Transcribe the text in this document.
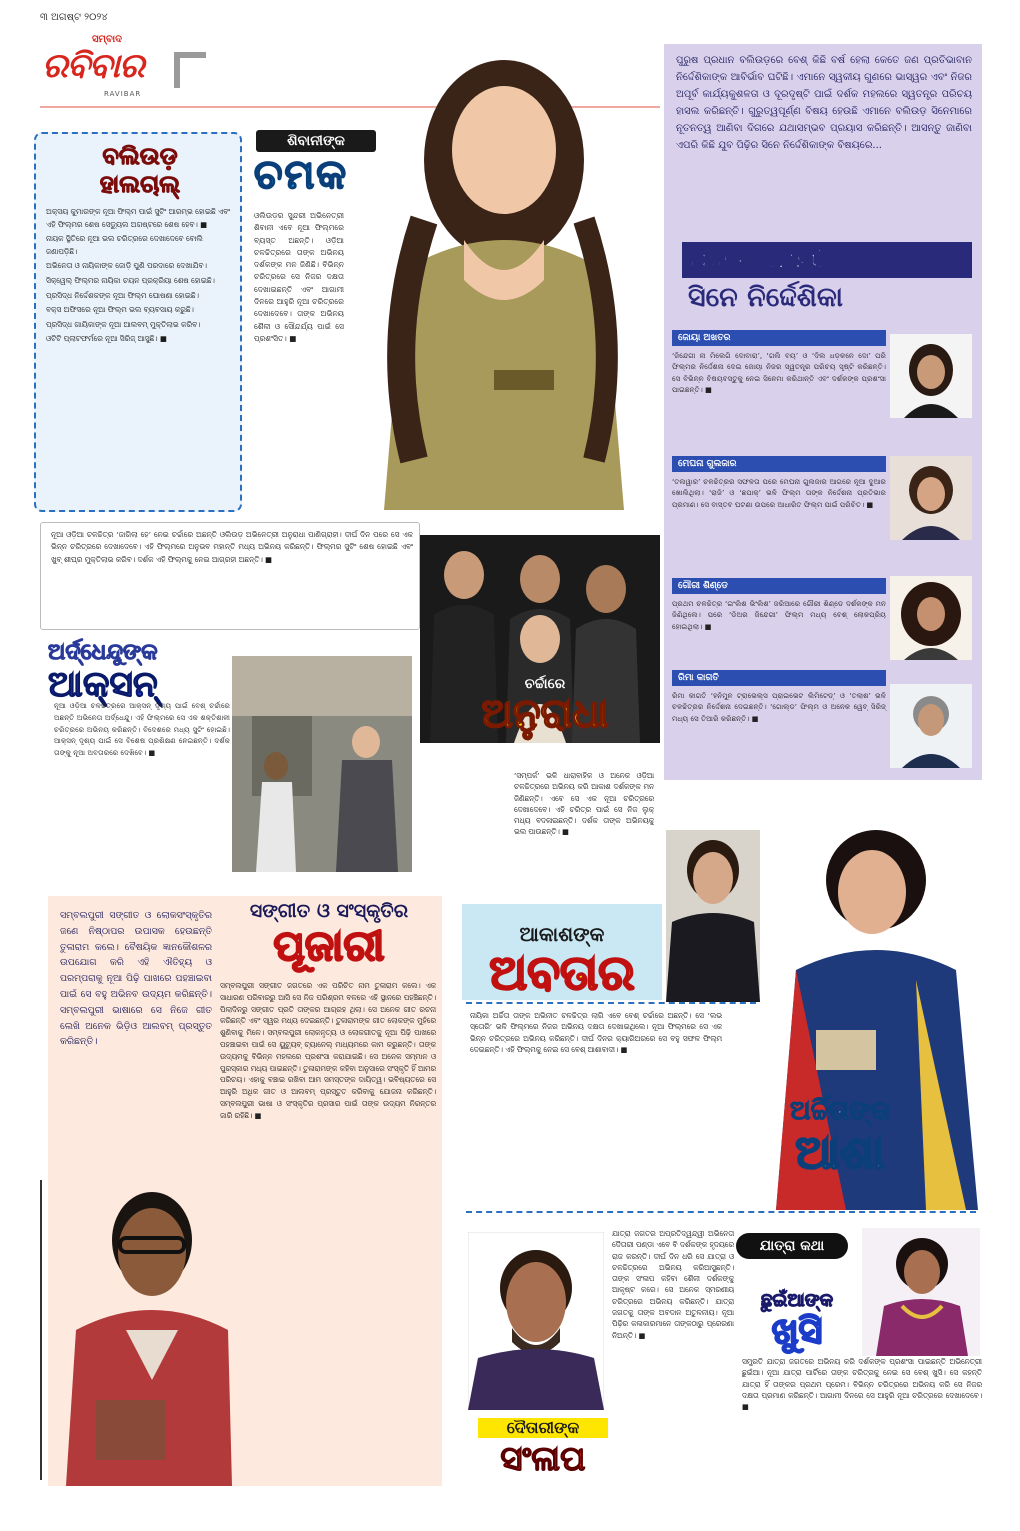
୩ ଅଗଷ୍ଟ ୨୦୨୪
ସମ୍ବାଦ
ରବିବାର
RAVIBAR
ବଲିଉଡ଼
ହାଲଚାଲ୍

ଅକ୍ସୟ କୁମାରଙ୍କ ନୂଆ ଫିଲ୍ମ ପାଇଁ ସୁଟିଂ ଆରମ୍ଭ ହୋଇଛି ଏବଂ ଏହି ଫିଲ୍ମର ଶେଷ ସେଡ୍ୟୁଲ ଅଗଷ୍ଟରେ ଶେଷ ହେବ। ■

ନାୟକ ସ୍ଥିତିରେ ନୂଆ ଭଲ ଚରିତ୍ରରେ ଦେଖାଦେବେ ବୋଲି ଜଣାପଡ଼ିଛି।

ଅଭିନେତା ଓ ନାୟିକାଙ୍କ ଜୋଡ଼ି ପୁଣି ପରଦାରେ ଦେଖାଯିବ।

ସିକ୍ୱେଲ୍ ଫିଲ୍ମର ନାୟିକା ଚୟନ ପ୍ରକ୍ରିୟା ଶେଷ ହୋଇଛି।

ପ୍ରସିଦ୍ଧ ନିର୍ଦ୍ଦେଶକଙ୍କ ନୂଆ ଫିଲ୍ମ ଘୋଷଣା ହୋଇଛି।

ବକ୍ସ ଅଫିସରେ ନୂଆ ଫିଲ୍ମ ଭଲ ବ୍ୟବସାୟ କରୁଛି।

ପ୍ରସିଦ୍ଧ ଗାୟିକାଙ୍କ ନୂଆ ଆଲବମ୍ ମୁକ୍ତିଲାଭ କରିବ।

ଓଟିଟି ପ୍ଲାଟଫର୍ମରେ ନୂଆ ସିରିଜ୍ ଆସୁଛି। ■

ଶିବାନୀଙ୍କ
ଚମକ
ଓଲିଉଡ଼ର ସୁନ୍ଦରୀ ଅଭିନେତ୍ରୀ ଶିବାନୀ ଏବେ ନୂଆ ଫିଲ୍ମରେ ବ୍ୟସ୍ତ ଅଛନ୍ତି। ଓଡ଼ିଆ ଚଳଚ୍ଚିତ୍ରରେ ତାଙ୍କ ଅଭିନୟ ଦର୍ଶକଙ୍କ ମନ ଜିଣିଛି। ବିଭିନ୍ନ ଚରିତ୍ରରେ ସେ ନିଜର ଦକ୍ଷତା ଦେଖାଇଛନ୍ତି ଏବଂ ଆଗାମୀ ଦିନରେ ଆହୁରି ନୂଆ ଚରିତ୍ରରେ ଦେଖାଦେବେ। ତାଙ୍କ ଅଭିନୟ ଶୈଳୀ ଓ ସୌନ୍ଦର୍ଯ୍ୟ ପାଇଁ ସେ ପ୍ରଶଂସିତ। ■
ପୁରୁଷ ପ୍ରଧାନ ବଲିଉଡ଼ରେ ବେଶ୍ କିଛି ବର୍ଷ ହେଲା କେତେ ଜଣ ପ୍ରତିଭାବାନ ନିର୍ଦ୍ଦେଶିକାଙ୍କ ଆବିର୍ଭାବ ଘଟିଛି। ଏମାନେ ସ୍ୱକୀୟ ଗୁଣରେ ଭାସ୍ୱର ଏବଂ ନିଜର ଅପୂର୍ବ କାର୍ଯ୍ୟକୁଶଳତା ଓ ଦୂରଦୃଷ୍ଟି ପାଇଁ ଦର୍ଶକ ମହଲରେ ସ୍ୱତନ୍ତ୍ର ପରିଚୟ ହାସଲ କରିଛନ୍ତି। ଗୁରୁତ୍ୱପୂର୍ଣ୍ଣ ବିଷୟ ହେଉଛି ଏମାନେ ବଲିଉଡ଼ ସିନେମାରେ ନୂତନତ୍ୱ ଆଣିବା ଦିଗରେ ଯଥାସମ୍ଭବ ପ୍ରୟାସ କରିଛନ୍ତି। ଆସନ୍ତୁ ଜାଣିବା ଏପରି କିଛି ଯୁବ ପିଢ଼ିର ସିନେ ନିର୍ଦ୍ଦେଶିକାଙ୍କ ବିଷୟରେ...
ପ୍ରତିଭାମୟୀ
ସିନେ ନିର୍ଦ୍ଦେଶିକା
ଜୋୟା ଅଖତର
‘ଜିନ୍ଦେଗୀ ନା ମିଲେଗି ଦୋବାରା’, ‘ଗଲି ବୟ’ ଓ ‘ଦିଲ ଧଡ଼କନେ ଦୋ’ ପରି ଫିଲ୍ମର ନିର୍ଦ୍ଦେଶନା ଦେଇ ଜୋୟା ନିଜର ସ୍ୱତନ୍ତ୍ର ପରିଚୟ ସୃଷ୍ଟି କରିଛନ୍ତି। ସେ ବିଭିନ୍ନ ବିଷୟବସ୍ତୁକୁ ନେଇ ସିନେମା କରିଥାନ୍ତି ଏବଂ ଦର୍ଶକଙ୍କ ପ୍ରଶଂସା ପାଇଛନ୍ତି। ■
ମେଘନା ଗୁଲଜାର
‘ତଲୱାର’ ଚଳଚ୍ଚିତ୍ରର ସଫଳତା ପରେ ମେଘନା ଗୁଲଜାର ଆଗରେ ନୂଆ ଦୁଆର ଖୋଲିଥିଲା। ‘ରାଜି’ ଓ ‘ଛପାକ୍’ ଭଳି ଫିଲ୍ମ ତାଙ୍କ ନିର୍ଦ୍ଦେଶନା ପ୍ରତିଭାର ପ୍ରମାଣ। ସେ ବାସ୍ତବ ଘଟଣା ଉପରେ ଆଧାରିତ ଫିଲ୍ମ ପାଇଁ ପରିଚିତ। ■
ଗୌରୀ ଶିଣ୍ଡେ
ପ୍ରଥମ ଚଳଚ୍ଚିତ୍ର ‘ଇଂଲିଶ ଭିଂଲିଶ’ ଜରିଆରେ ଗୌରୀ ଶିଣ୍ଡେ ଦର୍ଶକଙ୍କ ମନ ଜିଣିଥିଲେ। ପରେ ‘ଡିଅର ଜିନ୍ଦେଗୀ’ ଫିଲ୍ମ ମଧ୍ୟ ବେଶ୍ ଲୋକପ୍ରିୟ ହୋଇଥିଲା। ■
ରିମା କାଗତି
ରିମା କାଗତି ‘ହନିମୁନ ଟ୍ରାଭେଲ୍ସ ପ୍ରାଇଭେଟ ଲିମିଟେଡ୍’ ଓ ‘ତଲାଶ’ ଭଳି ଚଳଚ୍ଚିତ୍ରର ନିର୍ଦ୍ଦେଶନା ଦେଇଛନ୍ତି। ‘ଗୋଲ୍ଡ’ ଫିଲ୍ମ ଓ ଅନେକ ୱେବ୍ ସିରିଜ୍ ମଧ୍ୟ ସେ ତିଆରି କରିଛନ୍ତି। ■
ନୂଆ ଓଡ଼ିଆ ଚଳଚ୍ଚିତ୍ର ‘ଜାଗିଲା ହେ’ ନେଇ ଚର୍ଚ୍ଚାରେ ଅଛନ୍ତି ଓଲିଉଡ଼ ଅଭିନେତ୍ରୀ ଅନୁରାଧା ପାଣିଗ୍ରାହୀ। ଦୀର୍ଘ ଦିନ ପରେ ସେ ଏକ ଭିନ୍ନ ଚରିତ୍ରରେ ଦେଖାଦେବେ। ଏହି ଫିଲ୍ମରେ ଅନୁଭବ ମହାନ୍ତି ମଧ୍ୟ ଅଭିନୟ କରିଛନ୍ତି। ଫିଲ୍ମର ସୁଟିଂ ଶେଷ ହୋଇଛି ଏବଂ ଖୁବ୍ ଶୀଘ୍ର ମୁକ୍ତିଲାଭ କରିବ। ଦର୍ଶକ ଏହି ଫିଲ୍ମକୁ ନେଇ ଆଗ୍ରହୀ ଅଛନ୍ତି। ■
ଚର୍ଚ୍ଚାରେ
ଅନୁରାଧା
ଅର୍ଦ୍ଧେନ୍ଦୁଙ୍କ
ଆକ୍ସନ୍
ନୂଆ ଓଡ଼ିଆ ଚଳଚ୍ଚିତ୍ରରେ ଆକ୍ସନ୍ ଦୃଶ୍ୟ ପାଇଁ ବେଶ୍ ଚର୍ଚ୍ଚାରେ ଅଛନ୍ତି ଅଭିନେତା ଅର୍ଦ୍ଧେନ୍ଦୁ। ଏହି ଫିଲ୍ମରେ ସେ ଏକ ଶକ୍ତିଶାଳୀ ଚରିତ୍ରରେ ଅଭିନୟ କରିଛନ୍ତି। ବିଦେଶରେ ମଧ୍ୟ ସୁଟିଂ ହୋଇଛି। ଆକ୍ସନ୍ ଦୃଶ୍ୟ ପାଇଁ ସେ ବିଶେଷ ପ୍ରଶିକ୍ଷଣ ନେଇଛନ୍ତି। ଦର୍ଶକ ତାଙ୍କୁ ନୂଆ ଅବତାରରେ ଦେଖିବେ। ■
‘ସମ୍ପର୍କ’ ଭଳି ଧାରାବାହିକ ଓ ଅନେକ ଓଡ଼ିଆ ଚଳଚ୍ଚିତ୍ରରେ ଅଭିନୟ କରି ଆକାଶ ଦର୍ଶକଙ୍କ ମନ ଜିଣିଛନ୍ତି। ଏବେ ସେ ଏକ ନୂଆ ଚରିତ୍ରରେ ଦେଖାଦେବେ। ଏହି ଚରିତ୍ର ପାଇଁ ସେ ନିଜ ଲୁକ୍ ମଧ୍ୟ ବଦଳାଇଛନ୍ତି। ଦର୍ଶକ ତାଙ୍କ ଅଭିନୟକୁ ଭଲ ପାଉଛନ୍ତି। ■
ଆକାଶଙ୍କ
ଅବତାର
ଅର୍ଚ୍ଚିତାଙ୍କ
ଆଶା
ନାୟିକା ଅର୍ଚ୍ଚିତା ତାଙ୍କ ଅଭିନୀତ ଚଳଚ୍ଚିତ୍ର ଲାଗି ଏବେ ବେଶ୍ ଚର୍ଚ୍ଚାରେ ଅଛନ୍ତି। ସେ ‘ଲଭ ସ୍ତୋରି’ ଭଳି ଫିଲ୍ମରେ ନିଜର ଅଭିନୟ ଦକ୍ଷତା ଦେଖାଇଥିଲେ। ନୂଆ ଫିଲ୍ମରେ ସେ ଏକ ଭିନ୍ନ ଚରିତ୍ରରେ ଅଭିନୟ କରିଛନ୍ତି। ଦୀର୍ଘ ଦିନର କ୍ୟାରିଅରରେ ସେ ବହୁ ସଫଳ ଫିଲ୍ମ ଦେଇଛନ୍ତି। ଏହି ଫିଲ୍ମକୁ ନେଇ ସେ ବେଶ୍ ଆଶାବାଦୀ। ■
ସମ୍ବଲପୁରୀ ସଙ୍ଗୀତ ଓ ଲୋକସଂସ୍କୃତିର ଜଣେ ନିଷ୍ଠାପର ଉପାସକ ହେଉଛନ୍ତି ତୁଳାରାମ କଲେ। ବୈଷୟିକ ଜ୍ଞାନକୌଶଳର ଉପଯୋଗ କରି ଏହି ଐତିହ୍ୟ ଓ ପରମ୍ପରାକୁ ନୂଆ ପିଢ଼ି ପାଖରେ ପହଞ୍ଚାଇବା ପାଇଁ ସେ ବହୁ ଅଭିନବ ଉଦ୍ୟମ କରିଛନ୍ତି। ସମ୍ବଲପୁରୀ ଭାଷାରେ ସେ ନିଜେ ଗୀତ ଲେଖି ଅନେକ ଭିଡ଼ିଓ ଆଲବମ୍ ପ୍ରସ୍ତୁତ କରିଛନ୍ତି।
ସଙ୍ଗୀତ ଓ ସଂସ୍କୃତିର
ପୂଜାରୀ
ସମ୍ବଲପୁରୀ ସଙ୍ଗୀତ ଜଗତରେ ଏକ ପରିଚିତ ନାମ ତୁଳାରାମ କଲେ। ଏକ ସାଧାରଣ ପରିବାରରୁ ଆସି ସେ ନିଜ ପରିଶ୍ରମ ବଳରେ ଏହି ସ୍ଥାନରେ ପହଞ୍ଚିଛନ୍ତି। ପିଲାଦିନରୁ ସଙ୍ଗୀତ ପ୍ରତି ତାଙ୍କର ଆଗ୍ରହ ଥିଲା। ସେ ଅନେକ ଗୀତ ରଚନା କରିଛନ୍ତି ଏବଂ ସ୍ୱର ମଧ୍ୟ ଦେଇଛନ୍ତି। ତୁଳାରାମଙ୍କ ଗୀତ ଲୋକଙ୍କ ମୁହଁରେ ଶୁଣିବାକୁ ମିଳେ। ସମ୍ବଲପୁରୀ ଲୋକନୃତ୍ୟ ଓ ଲୋକଗୀତକୁ ନୂଆ ପିଢ଼ି ପାଖରେ ପହଞ୍ଚାଇବା ପାଇଁ ସେ ୟୁଟ୍ୟୁବ୍ ଚ୍ୟାନେଲ୍ ମାଧ୍ୟମରେ କାମ କରୁଛନ୍ତି। ତାଙ୍କ ଉଦ୍ୟମକୁ ବିଭିନ୍ନ ମହଲରେ ପ୍ରଶଂସା କରାଯାଇଛି। ସେ ଅନେକ ସମ୍ମାନ ଓ ପୁରସ୍କାର ମଧ୍ୟ ପାଇଛନ୍ତି। ତୁଳାରାମଙ୍କ କହିବା ଅନୁସାରେ ସଂସ୍କୃତି ହିଁ ଆମର ପରିଚୟ। ଏହାକୁ ବଞ୍ଚାଇ ରଖିବା ଆମ ସମସ୍ତଙ୍କ ଦାୟିତ୍ୱ। ଭବିଷ୍ୟତରେ ସେ ଆହୁରି ଅଧିକ ଗୀତ ଓ ଆଲବମ୍ ପ୍ରସ୍ତୁତ କରିବାକୁ ଯୋଜନା କରିଛନ୍ତି। ସମ୍ବଲପୁରୀ ଭାଷା ଓ ସଂସ୍କୃତିର ପ୍ରସାର ପାଇଁ ତାଙ୍କ ଉଦ୍ୟମ ନିରନ୍ତର ଜାରି ରହିଛି। ■
ଯାତ୍ରା ଜଗତର ଅପ୍ରତିଦ୍ୱନ୍ଦ୍ୱୀ ଅଭିନେତା ଦୈତାରୀ ପଣ୍ଡା ଏବେ ବି ଦର୍ଶକଙ୍କ ହୃଦୟରେ ରାଜ କରନ୍ତି। ଦୀର୍ଘ ଦିନ ଧରି ସେ ଯାତ୍ରା ଓ ଚଳଚ୍ଚିତ୍ରରେ ଅଭିନୟ କରିଆସୁଛନ୍ତି। ତାଙ୍କ ସଂଳାପ କହିବା ଶୈଳୀ ଦର୍ଶକଙ୍କୁ ଆକୃଷ୍ଟ କରେ। ସେ ଅନେକ ସ୍ମରଣୀୟ ଚରିତ୍ରରେ ଅଭିନୟ କରିଛନ୍ତି। ଯାତ୍ରା ଜଗତକୁ ତାଙ୍କ ଅବଦାନ ଅତୁଳନୀୟ। ନୂଆ ପିଢ଼ିର କଳାକାରମାନେ ତାଙ୍କଠାରୁ ପ୍ରେରଣା ନିଅନ୍ତି। ■
ଦୈତାରୀଙ୍କ
ସଂଳାପ
ଯାତ୍ରା କଥା
ଛୁଇଁଆଙ୍କ
ଖୁସି
ସମ୍ପ୍ରତି ଯାତ୍ରା ଜଗତରେ ଅଭିନୟ କରି ଦର୍ଶକଙ୍କ ପ୍ରଶଂସା ପାଇଛନ୍ତି ଅଭିନେତ୍ରୀ ଛୁଇଁଆ। ନୂଆ ଯାତ୍ରା ପାର୍ଟିରେ ତାଙ୍କ ଚରିତ୍ରକୁ ନେଇ ସେ ବେଶ୍ ଖୁସି। ସେ କହନ୍ତି ଯାତ୍ରା ହିଁ ତାଙ୍କର ପ୍ରଥମ ପ୍ରେମ। ବିଭିନ୍ନ ଚରିତ୍ରରେ ଅଭିନୟ କରି ସେ ନିଜର ଦକ୍ଷତା ପ୍ରମାଣ କରିଛନ୍ତି। ଆଗାମୀ ଦିନରେ ସେ ଆହୁରି ନୂଆ ଚରିତ୍ରରେ ଦେଖାଦେବେ। ■
